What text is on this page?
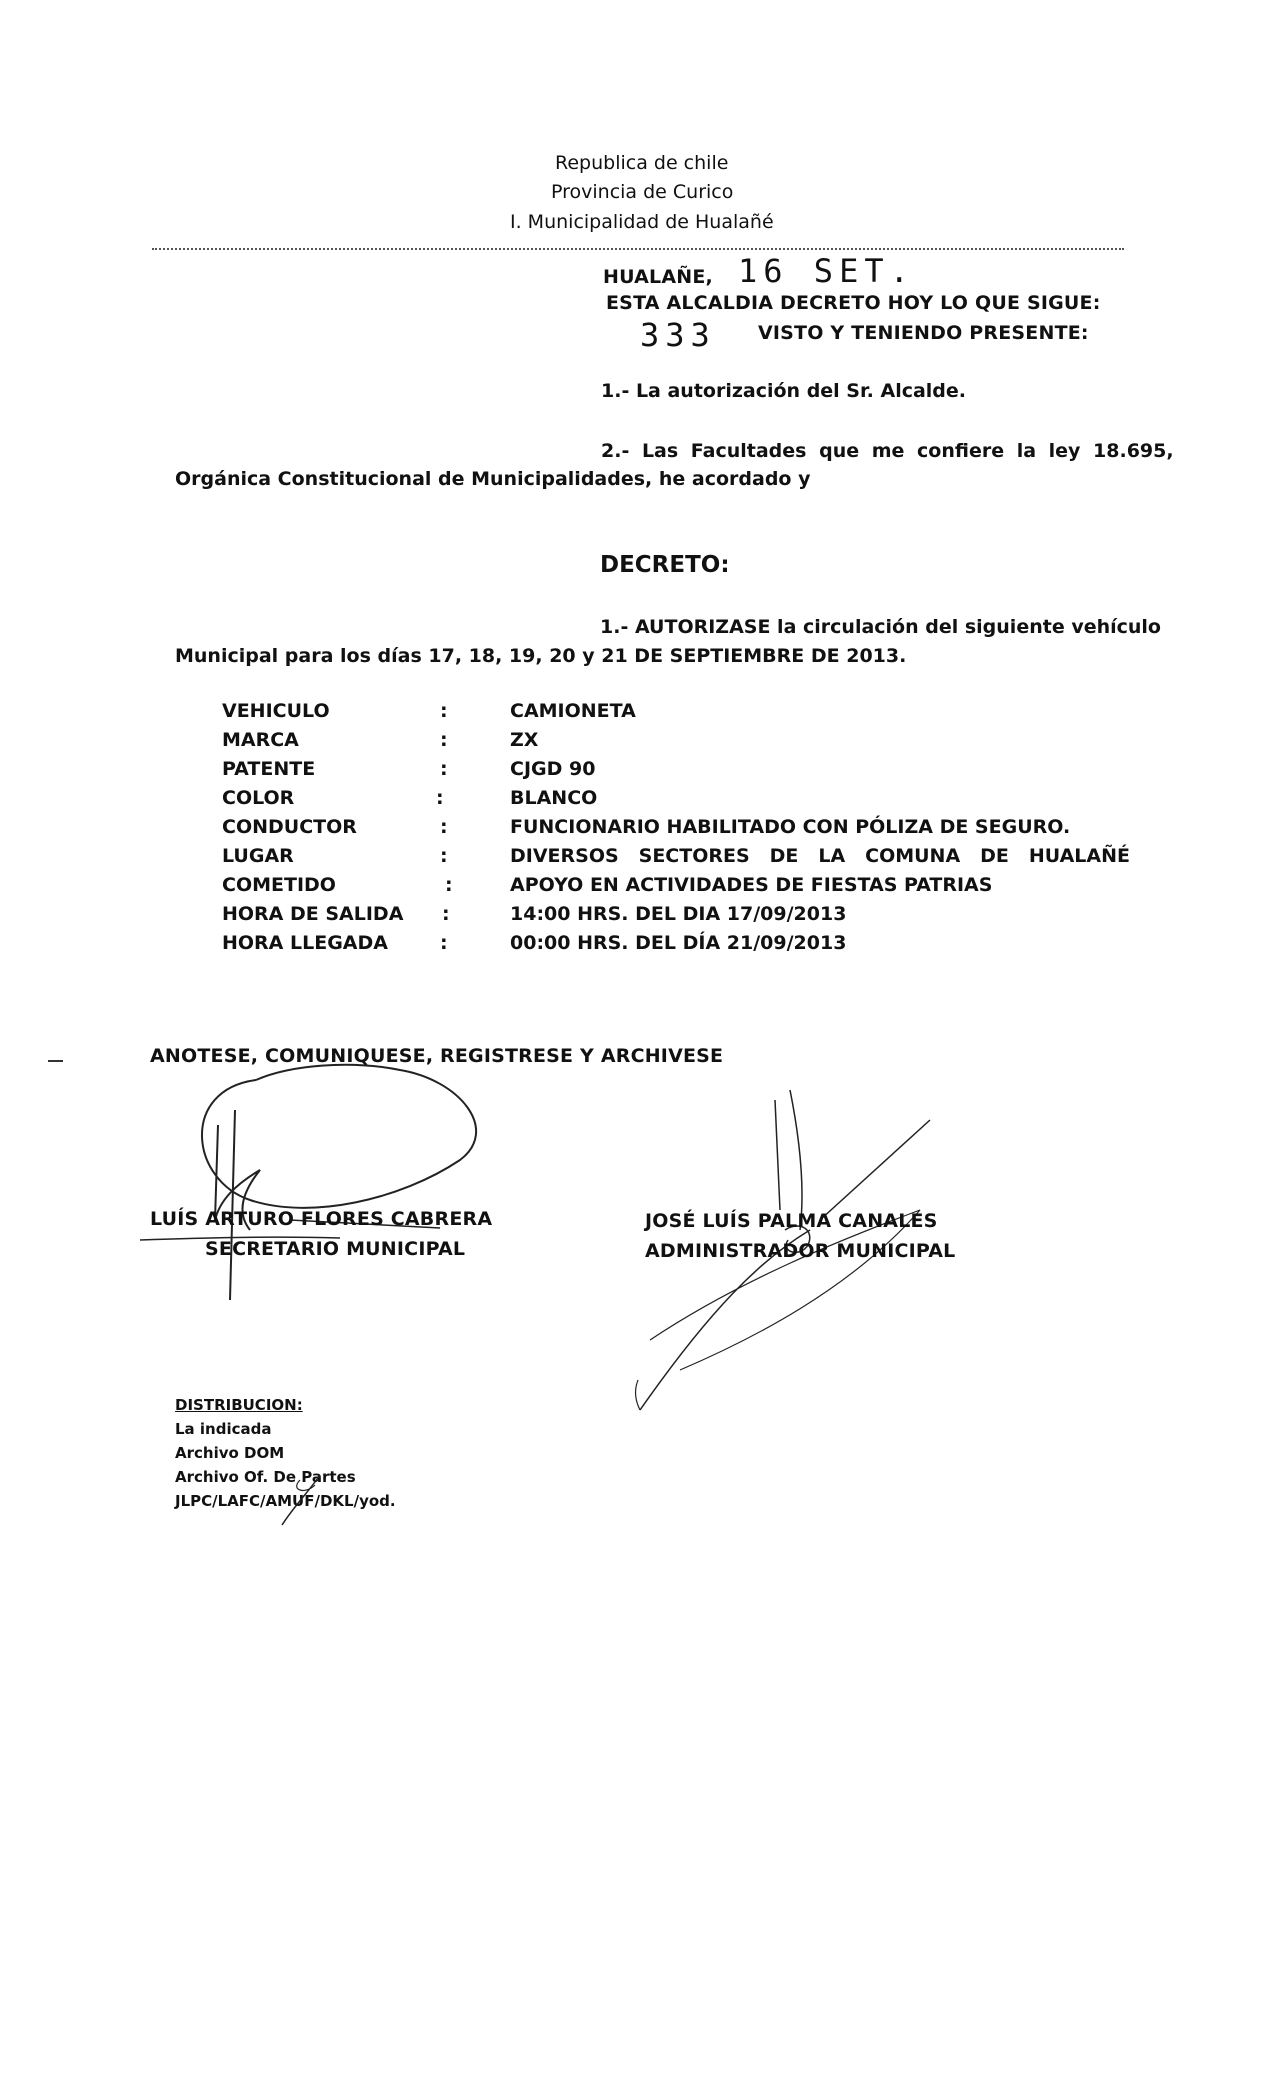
Republica de chile
Provincia de Curico
I. Municipalidad de Hualañé
HUALAÑE, 16 SET.
ESTA ALCALDIA DECRETO HOY LO QUE SIGUE:
333 VISTO Y TENIENDO PRESENTE:
1.- La autorización del Sr. Alcalde.
2.- Las Facultades que me confiere la ley 18.695,
Orgánica Constitucional de Municipalidades, he acordado y
DECRETO:
1.- AUTORIZASE la circulación del siguiente vehículo
Municipal para los días 17, 18, 19, 20 y 21 DE SEPTIEMBRE DE 2013.
VEHICULO	:	CAMIONETA
MARCA	:	ZX
PATENTE	:	CJGD 90
COLOR	:	BLANCO
CONDUCTOR	:	FUNCIONARIO HABILITADO CON PÓLIZA DE SEGURO.
LUGAR	:	DIVERSOS SECTORES DE LA COMUNA DE HUALAÑÉ
COMETIDO	:	APOYO EN ACTIVIDADES DE FIESTAS PATRIAS
HORA DE SALIDA :	14:00 HRS. DEL DIA 17/09/2013
HORA LLEGADA	:	00:00 HRS. DEL DÍA 21/09/2013
ANOTESE, COMUNIQUESE, REGISTRESE Y ARCHIVESE
LUÍS ARTURO FLORES CABRERA
SECRETARIO MUNICIPAL
JOSÉ LUÍS PALMA CANALES
ADMINISTRADOR MUNICIPAL
DISTRIBUCION:
La indicada
Archivo DOM
Archivo Of. De Partes
JLPC/LAFC/AMUF/DKL/yod.
